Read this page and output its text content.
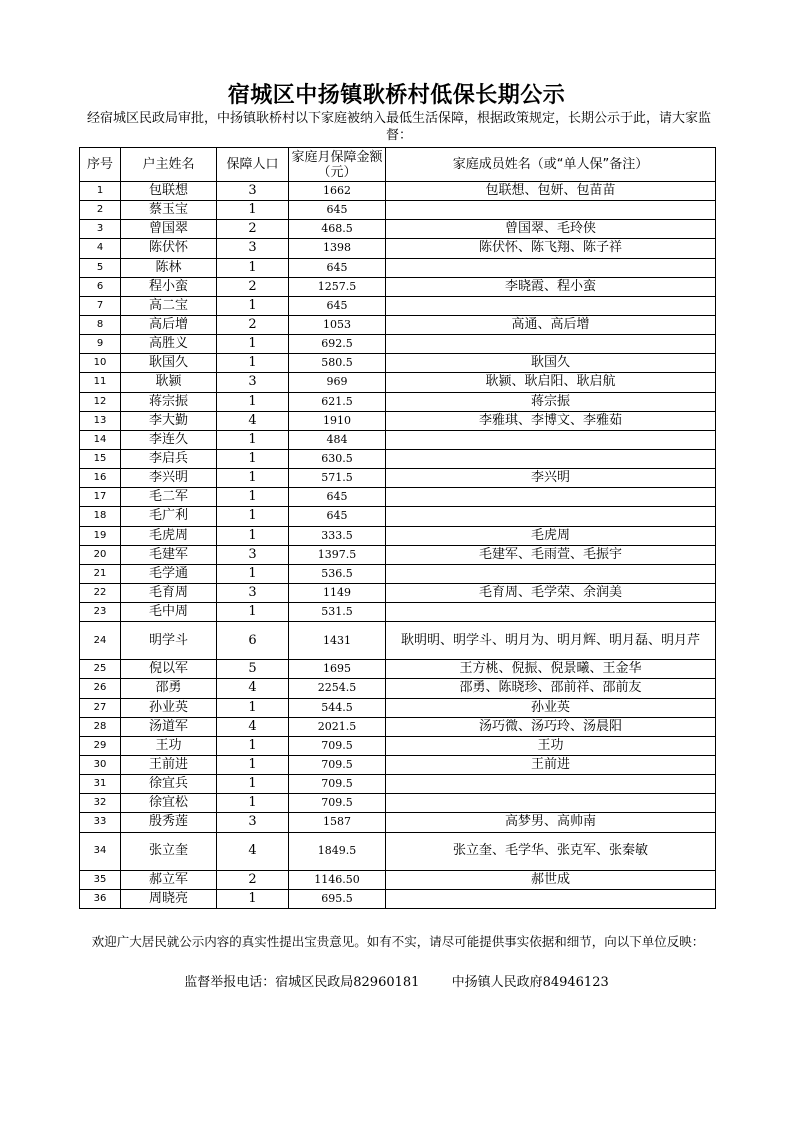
宿城区中扬镇耿桥村低保长期公示
经宿城区民政局审批，中扬镇耿桥村以下家庭被纳入最低生活保障，根据政策规定，长期公示于此，请大家监督：
序号	户主姓名	保障人口	家庭月保障金额（元）	家庭成员姓名（或“单人保”备注）
1	包联想	3	1662	包联想、包妍、包苗苗
2	蔡玉宝	1	645	
3	曾国翠	2	468.5	曾国翠、毛玲侠
4	陈伏怀	3	1398	陈伏怀、陈飞翔、陈子祥
5	陈林	1	645	
6	程小蛮	2	1257.5	李晓霞、程小蛮
7	高二宝	1	645	
8	高后增	2	1053	高通、高后增
9	高胜义	1	692.5	
10	耿国久	1	580.5	耿国久
11	耿颍	3	969	耿颍、耿启阳、耿启航
12	蒋宗振	1	621.5	蒋宗振
13	李大勤	4	1910	李雅琪、李博文、李雅茹
14	李连久	1	484	
15	李启兵	1	630.5	
16	李兴明	1	571.5	李兴明
17	毛二军	1	645	
18	毛广利	1	645	
19	毛虎周	1	333.5	毛虎周
20	毛建军	3	1397.5	毛建军、毛雨萱、毛振宇
21	毛学通	1	536.5	
22	毛育周	3	1149	毛育周、毛学荣、余润美
23	毛中周	1	531.5	
24	明学斗	6	1431	耿明明、明学斗、明月为、明月辉、明月磊、明月芹
25	倪以军	5	1695	王方桃、倪振、倪景曦、王金华
26	邵勇	4	2254.5	邵勇、陈晓珍、邵前祥、邵前友
27	孙业英	1	544.5	孙业英
28	汤道军	4	2021.5	汤巧微、汤巧玲、汤晨阳
29	王功	1	709.5	王功
30	王前进	1	709.5	王前进
31	徐宜兵	1	709.5	
32	徐宜松	1	709.5	
33	殷秀莲	3	1587	高梦男、高帅南
34	张立奎	4	1849.5	张立奎、毛学华、张克军、张秦敏
35	郝立军	2	1146.50	郝世成
36	周晓亮	1	695.5	
欢迎广大居民就公示内容的真实性提出宝贵意见。如有不实，请尽可能提供事实依据和细节，向以下单位反映：
监督举报电话：宿城区民政局82960181 中扬镇人民政府84946123
